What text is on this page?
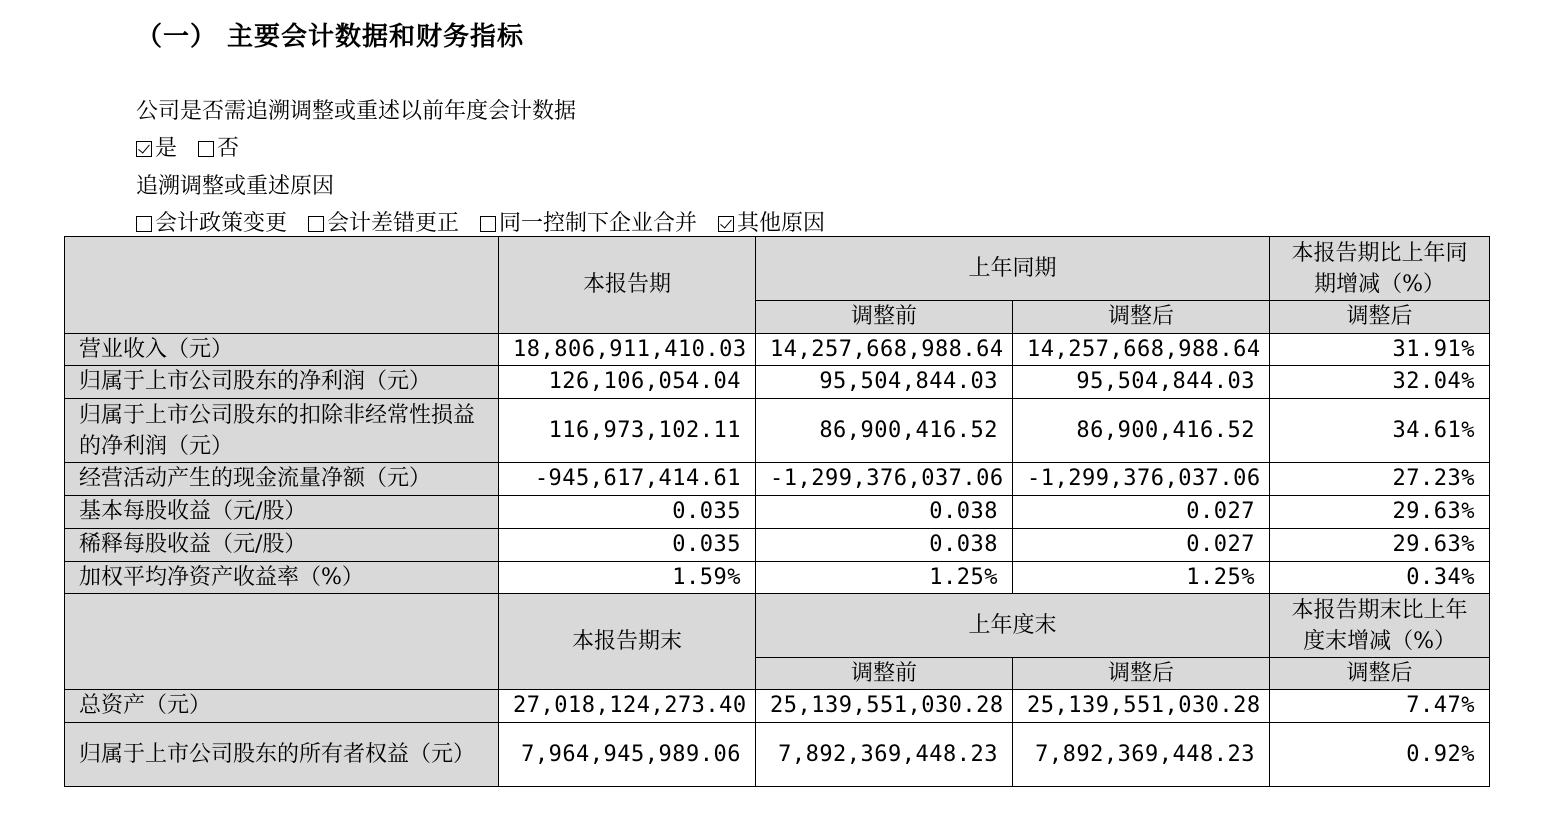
（一） 主要会计数据和财务指标
公司是否需追溯调整或重述以前年度会计数据
是 否
追溯调整或重述原因
会计政策变更 会计差错更正 同一控制下企业合并 其他原因
	本报告期	上年同期		本报告期比上年同期增减（%）
		调整前	调整后	调整后
营业收入（元）	18,806,911,410.03	14,257,668,988.64	14,257,668,988.64	31.91%
归属于上市公司股东的净利润（元）	126,106,054.04	95,504,844.03	95,504,844.03	32.04%
归属于上市公司股东的扣除非经常性损益的净利润（元）	116,973,102.11	86,900,416.52	86,900,416.52	34.61%
经营活动产生的现金流量净额（元）	-945,617,414.61	-1,299,376,037.06	-1,299,376,037.06	27.23%
基本每股收益（元/股）	0.035	0.038	0.027	29.63%
稀释每股收益（元/股）	0.035	0.038	0.027	29.63%
加权平均净资产收益率（%）	1.59%	1.25%	1.25%	0.34%
	本报告期末	上年度末		本报告期末比上年度末增减（%）
		调整前	调整后	调整后
总资产（元）	27,018,124,273.40	25,139,551,030.28	25,139,551,030.28	7.47%
归属于上市公司股东的所有者权益（元）	7,964,945,989.06	7,892,369,448.23	7,892,369,448.23	0.92%
